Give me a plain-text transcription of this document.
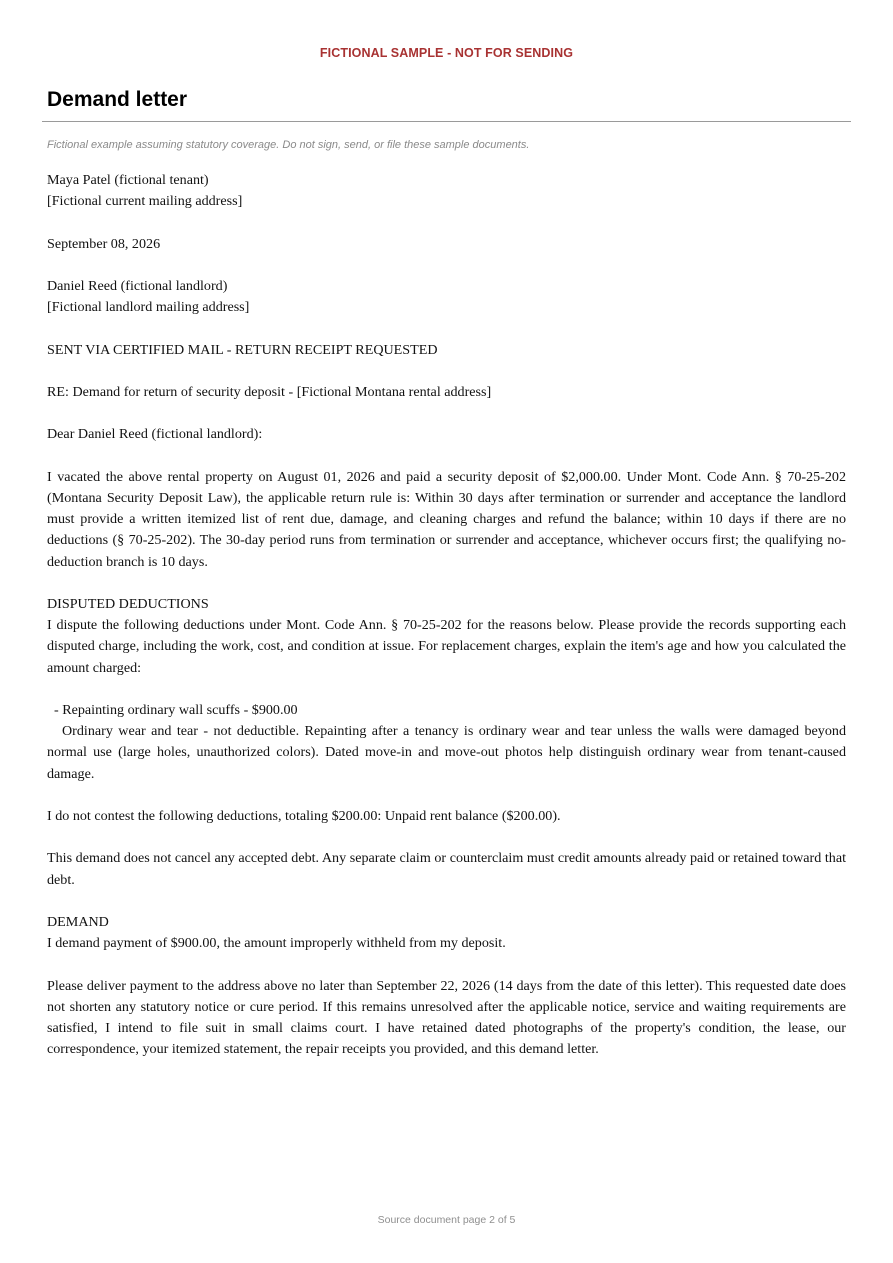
FICTIONAL SAMPLE - NOT FOR SENDING
Demand letter
Fictional example assuming statutory coverage. Do not sign, send, or file these sample documents.

Maya Patel (fictional tenant)
[Fictional current mailing address]

September 08, 2026

Daniel Reed (fictional landlord)
[Fictional landlord mailing address]

SENT VIA CERTIFIED MAIL - RETURN RECEIPT REQUESTED

RE: Demand for return of security deposit - [Fictional Montana rental address]

Dear Daniel Reed (fictional landlord):

I vacated the above rental property on August 01, 2026 and paid a security deposit of $2,000.00. Under Mont. Code Ann. § 70-25-202 (Montana Security Deposit Law), the applicable return rule is: Within 30 days after termination or surrender and acceptance the landlord must provide a written itemized list of rent due, damage, and cleaning charges and refund the balance; within 10 days if there are no deductions (§ 70-25-202). The 30-day period runs from termination or surrender and acceptance, whichever occurs first; the qualifying no-deduction branch is 10 days.

DISPUTED DEDUCTIONS
I dispute the following deductions under Mont. Code Ann. § 70-25-202 for the reasons below. Please provide the records supporting each disputed charge, including the work, cost, and condition at issue. For replacement charges, explain the item's age and how you calculated the amount charged:

- Repainting ordinary wall scuffs - $900.00
Ordinary wear and tear - not deductible. Repainting after a tenancy is ordinary wear and tear unless the walls were damaged beyond normal use (large holes, unauthorized colors). Dated move-in and move-out photos help distinguish ordinary wear from tenant-caused damage.

I do not contest the following deductions, totaling $200.00: Unpaid rent balance ($200.00).

This demand does not cancel any accepted debt. Any separate claim or counterclaim must credit amounts already paid or retained toward that debt.

DEMAND
I demand payment of $900.00, the amount improperly withheld from my deposit.

Please deliver payment to the address above no later than September 22, 2026 (14 days from the date of this letter). This requested date does not shorten any statutory notice or cure period. If this remains unresolved after the applicable notice, service and waiting requirements are satisfied, I intend to file suit in small claims court. I have retained dated photographs of the property's condition, the lease, our correspondence, your itemized statement, the repair receipts you provided, and this demand letter.

Source document page 2 of 5
